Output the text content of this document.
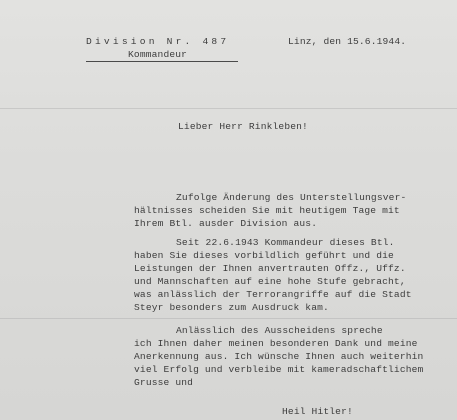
Division Nr. 487
Kommandeur
Linz, den 15.6.1944.
Lieber Herr Rinkleben!
Zufolge Änderung des Unterstellungsver-
hältnisses scheiden Sie mit heutigem Tage mit
Ihrem Btl. ausder Division aus.
Seit 22.6.1943 Kommandeur dieses Btl.
haben Sie dieses vorbildlich geführt und die
Leistungen der Ihnen anvertrauten Offz., Uffz.
und Mannschaften auf eine hohe Stufe gebracht,
was anlässlich der Terrorangriffe auf die Stadt
Steyr besonders zum Ausdruck kam.
Anlässlich des Ausscheidens spreche
ich Ihnen daher meinen besonderen Dank und meine
Anerkennung aus. Ich wünsche Ihnen auch weiterhin
viel Erfolg und verbleibe mit kameradschaftlichem
Grusse und
Heil Hitler!
